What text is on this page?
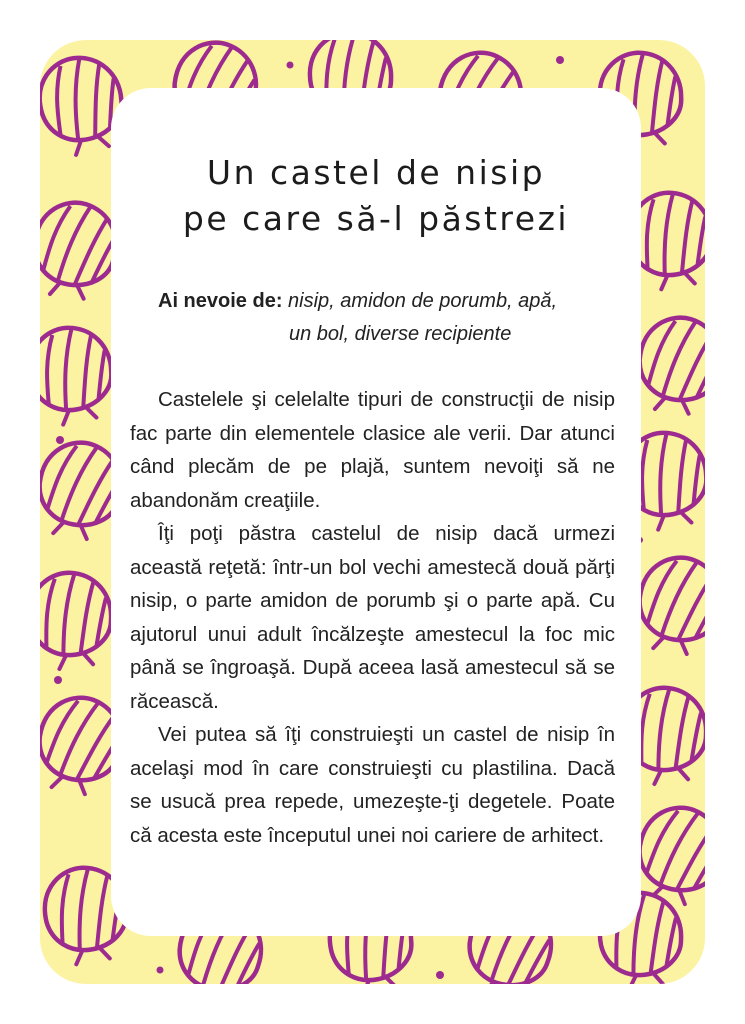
Un castel de nisip
pe care să-l păstrezi
Ai nevoie de: nisip, amidon de porumb, apă,
un bol, diverse recipiente

Castelele şi celelalte tipuri de construcţii de nisip fac parte din elementele clasice ale verii. Dar atunci când plecăm de pe plajă, suntem nevoiţi să ne abandonăm creaţiile.

Îţi poţi păstra castelul de nisip dacă urmezi această reţetă: într-un bol vechi amestecă două părţi nisip, o parte amidon de porumb şi o parte apă. Cu ajutorul unui adult încălzeşte amestecul la foc mic până se îngroaşă. După aceea lasă amestecul să se răcească.

Vei putea să îţi construieşti un castel de nisip în acelaşi mod în care construieşti cu plastilina. Dacă se usucă prea repede, umezeşte-ţi degetele. Poate că acesta este începutul unei noi cariere de arhitect.
